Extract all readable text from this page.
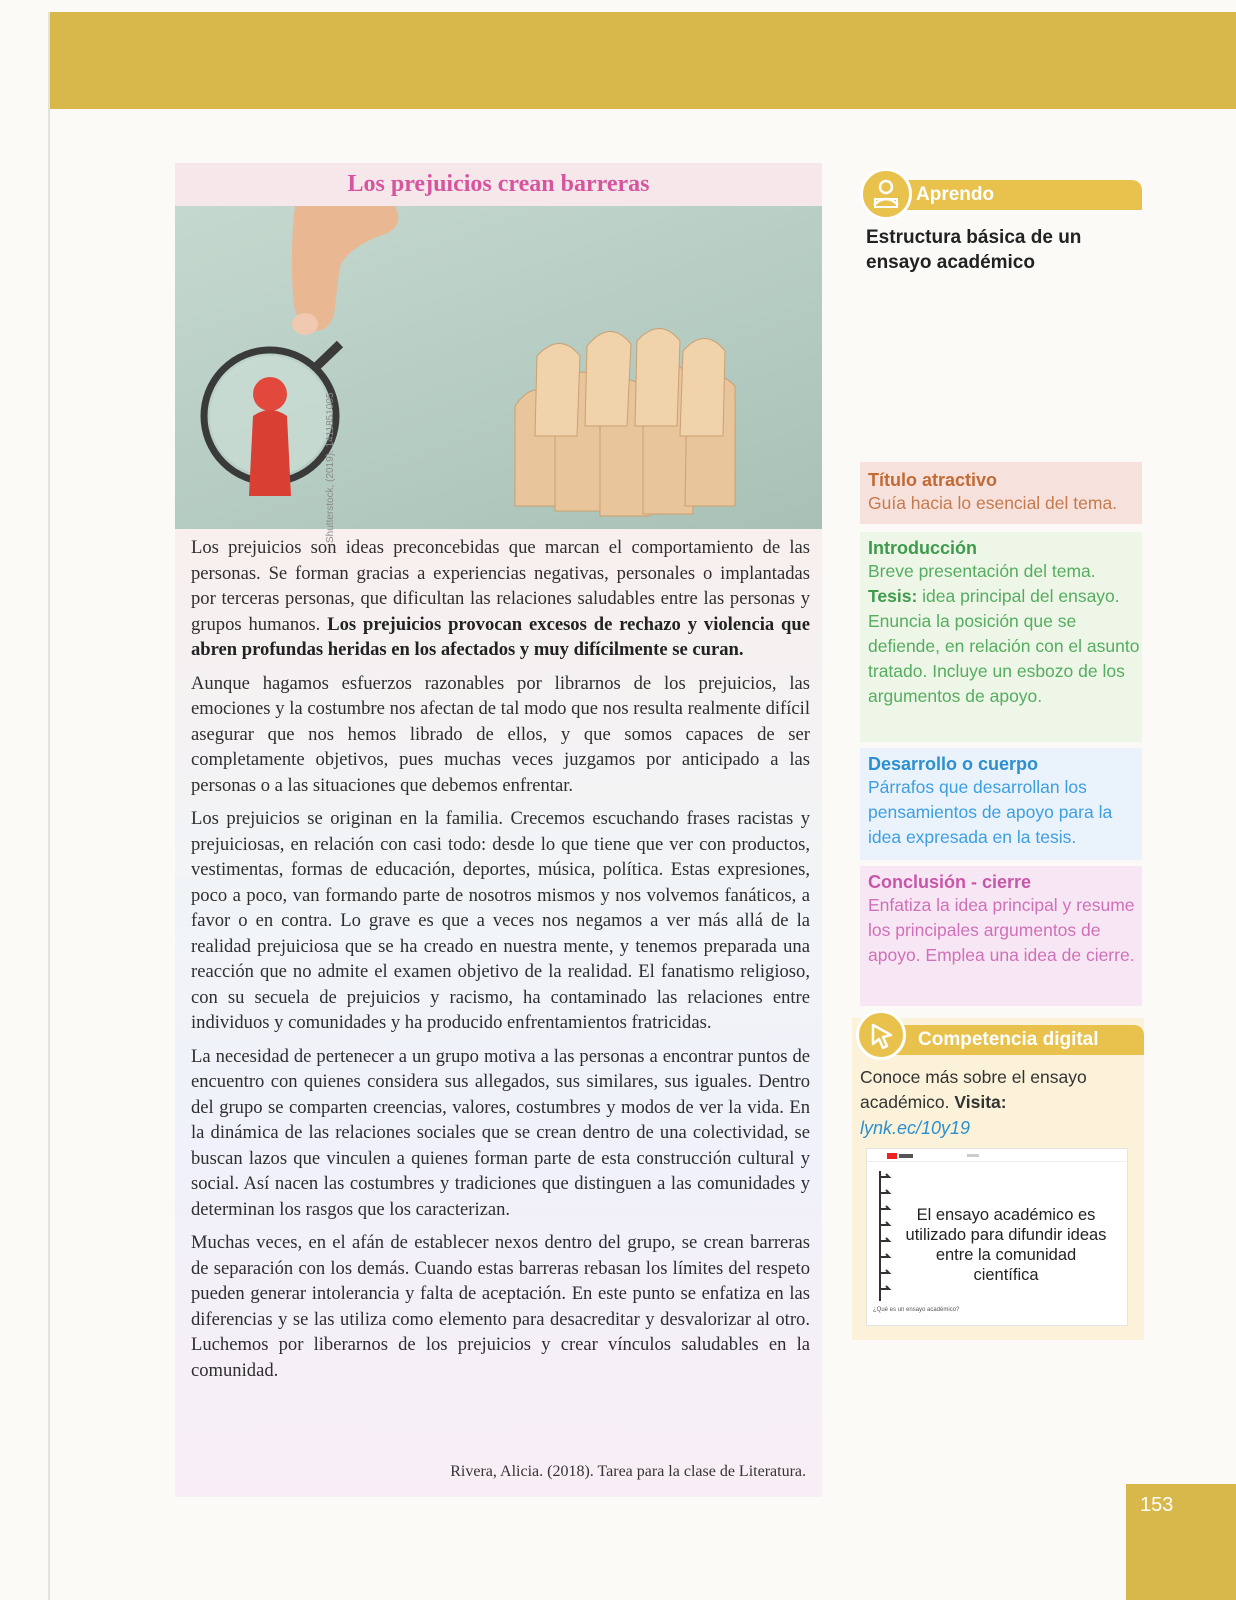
Los prejuicios crean barreras
Shutterstock, (2019). 1411851005

Los prejuicios son ideas preconcebidas que marcan el comportamiento de las personas. Se forman gracias a experiencias negativas, personales o implantadas por terceras personas, que dificultan las relaciones saludables entre las personas y grupos humanos. Los prejuicios provocan excesos de rechazo y violencia que abren profundas heridas en los afectados y muy difícilmente se curan.

Aunque hagamos esfuerzos razonables por librarnos de los prejuicios, las emociones y la costumbre nos afectan de tal modo que nos resulta realmente difícil asegurar que nos hemos librado de ellos, y que somos capaces de ser completamente objetivos, pues muchas veces juzgamos por anticipado a las personas o a las situaciones que debemos enfrentar.

Los prejuicios se originan en la familia. Crecemos escuchando frases racistas y prejuiciosas, en relación con casi todo: desde lo que tiene que ver con productos, vestimentas, formas de educación, deportes, música, política. Estas expresiones, poco a poco, van formando parte de nosotros mismos y nos volvemos fanáticos, a favor o en contra. Lo grave es que a veces nos negamos a ver más allá de la realidad prejuiciosa que se ha creado en nuestra mente, y tenemos preparada una reacción que no admite el examen objetivo de la realidad. El fanatismo religioso, con su secuela de prejuicios y racismo, ha contaminado las relaciones entre individuos y comunidades y ha producido enfrentamientos fratricidas.

La necesidad de pertenecer a un grupo motiva a las personas a encontrar puntos de encuentro con quienes considera sus allegados, sus similares, sus iguales. Dentro del grupo se comparten creencias, valores, costumbres y modos de ver la vida. En la dinámica de las relaciones sociales que se crean dentro de una colectividad, se buscan lazos que vinculen a quienes forman parte de esta construcción cultural y social. Así nacen las costumbres y tradiciones que distinguen a las comunidades y determinan los rasgos que los caracterizan.

Muchas veces, en el afán de establecer nexos dentro del grupo, se crean barreras de separación con los demás. Cuando estas barreras rebasan los límites del respeto pueden generar intolerancia y falta de aceptación. En este punto se enfatiza en las diferencias y se las utiliza como elemento para desacreditar y desvalorizar al otro. Luchemos por liberarnos de los prejuicios y crear vínculos saludables en la comunidad.

Rivera, Alicia. (2018). Tarea para la clase de Literatura.
Aprendo
Estructura básica de un ensayo académico
Título atractivo
Guía hacia lo esencial del tema.
Introducción
Breve presentación del tema.
Tesis: idea principal del ensayo. Enuncia la posición que se defiende, en relación con el asunto tratado. Incluye un esbozo de los argumentos de apoyo.
Desarrollo o cuerpo
Párrafos que desarrollan los pensamientos de apoyo para la idea expresada en la tesis.
Conclusión - cierre
Enfatiza la idea principal y resume los principales argumentos de apoyo. Emplea una idea de cierre.
Competencia digital
Conoce más sobre el ensayo académico. Visita:
lynk.ec/10y19
El ensayo académico es utilizado para difundir ideas entre la comunidad científica
¿Qué es un ensayo académico?
153
